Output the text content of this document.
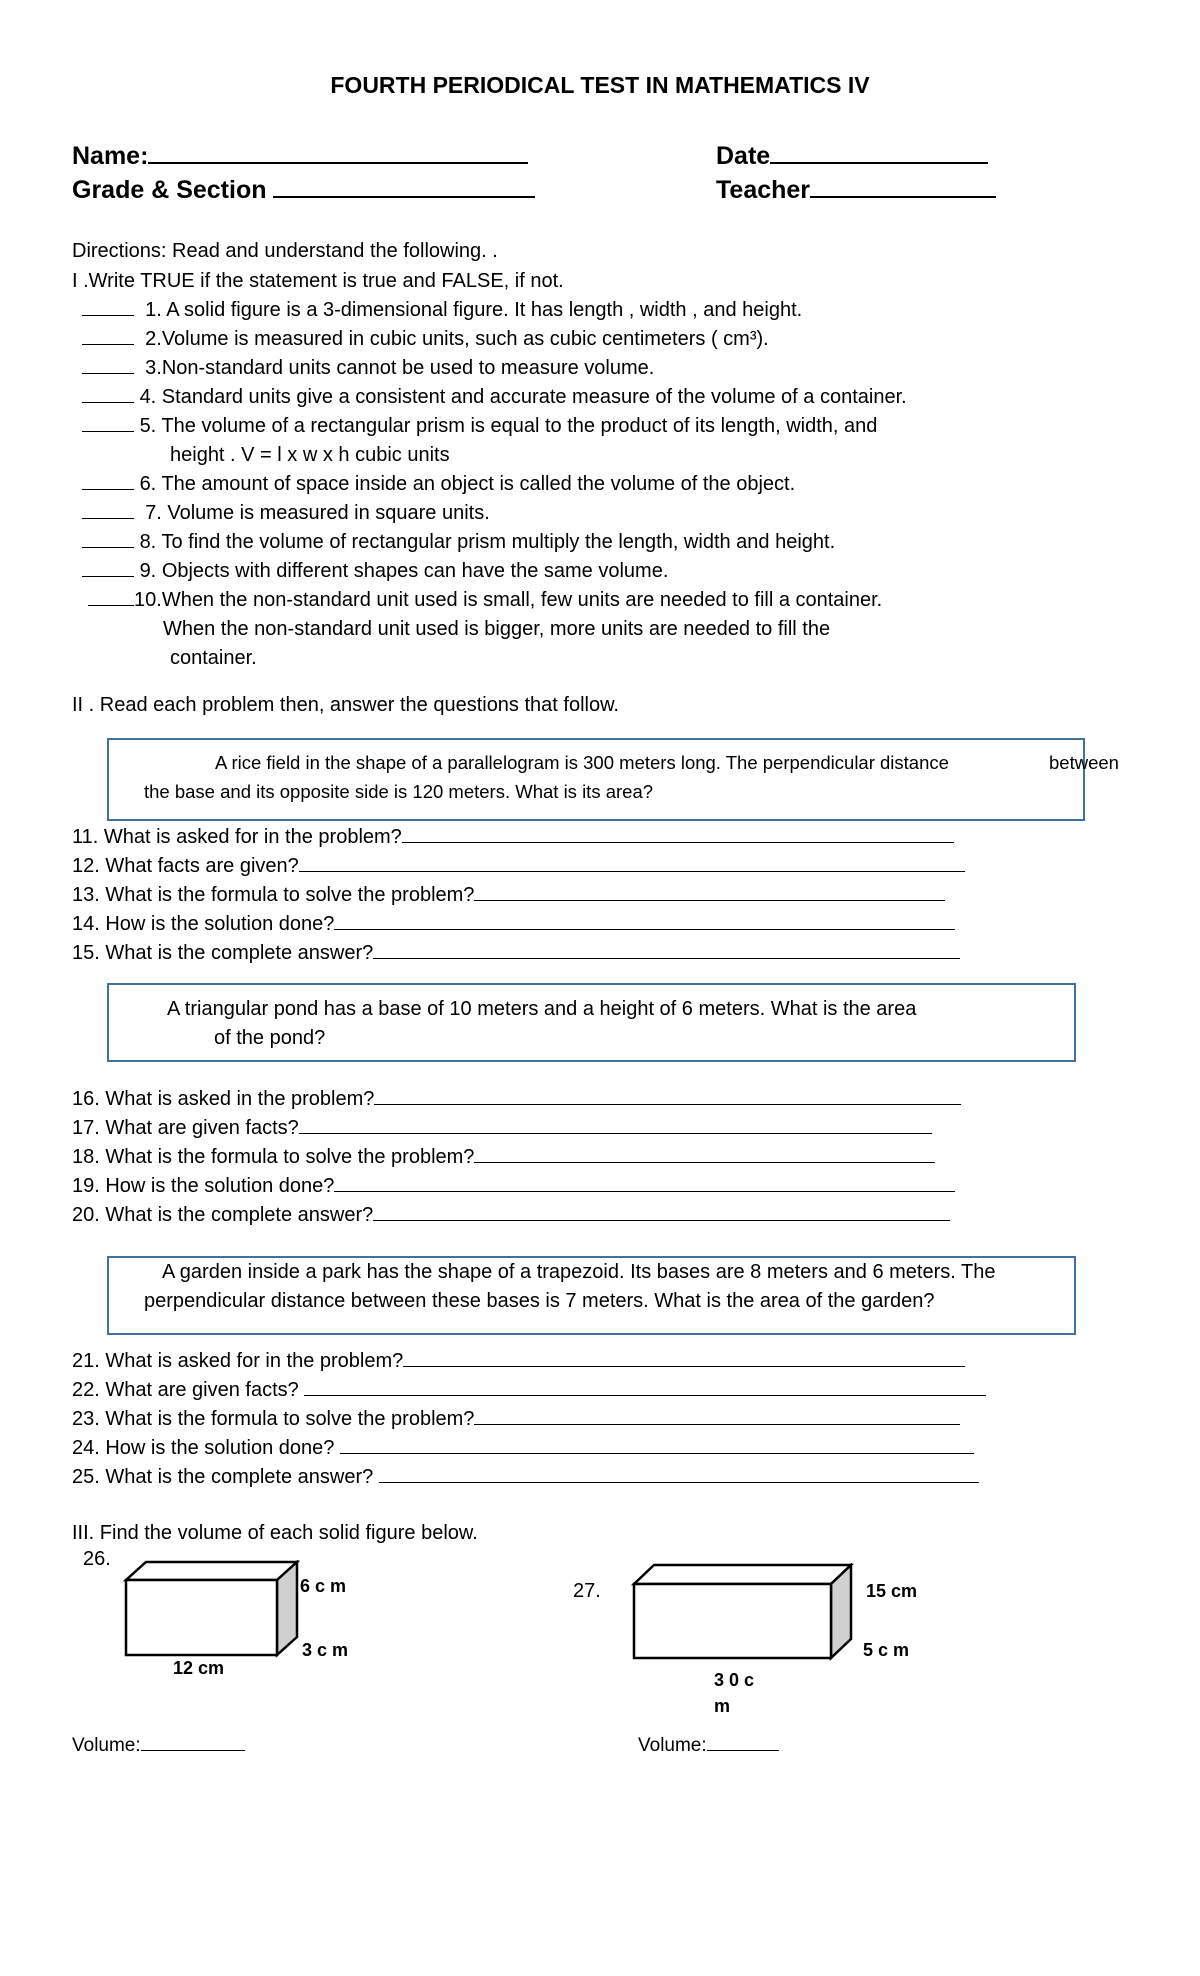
FOURTH PERIODICAL TEST IN MATHEMATICS IV
Name:
Grade & Section
Date
Teacher
Directions: Read and understand the following. .
I .Write TRUE if the statement is true and FALSE, if not.
1. A solid figure is a 3-dimensional figure. It has length , width , and height.
2.Volume is measured in cubic units, such as cubic centimeters ( cm³).
3.Non-standard units cannot be used to measure volume.
4. Standard units give a consistent and accurate measure of the volume of a container.
5. The volume of a rectangular prism is equal to the product of its length, width, and
height . V = l x w x h cubic units
6. The amount of space inside an object is called the volume of the object.
7. Volume is measured in square units.
8. To find the volume of rectangular prism multiply the length, width and height.
9. Objects with different shapes can have the same volume.
10.When the non-standard unit used is small, few units are needed to fill a container.
When the non-standard unit used is bigger, more units are needed to fill the
container.
II . Read each problem then, answer the questions that follow.
A rice field in the shape of a parallelogram is 300 meters long. The perpendicular distance	between
the base and its opposite side is 120 meters. What is its area?
11. What is asked for in the problem?
12. What facts are given?
13. What is the formula to solve the problem?
14. How is the solution done?
15. What is the complete answer?
A triangular pond has a base of 10 meters and a height of 6 meters. What is the area
of the pond?
16. What is asked in the problem?
17. What are given facts?
18. What is the formula to solve the problem?
19. How is the solution done?
20. What is the complete answer?
A garden inside a park has the shape of a trapezoid. Its bases are 8 meters and 6 meters. The
perpendicular distance between these bases is 7 meters. What is the area of the garden?
21. What is asked for in the problem?
22. What are given facts?
23. What is the formula to solve the problem?
24. How is the solution done?
25. What is the complete answer?
III. Find the volume of each solid figure below.
26.
6 c m
3 c m
12 cm
Volume:
27.	15 cm
5 c m
3 0 c
m
Volume:
